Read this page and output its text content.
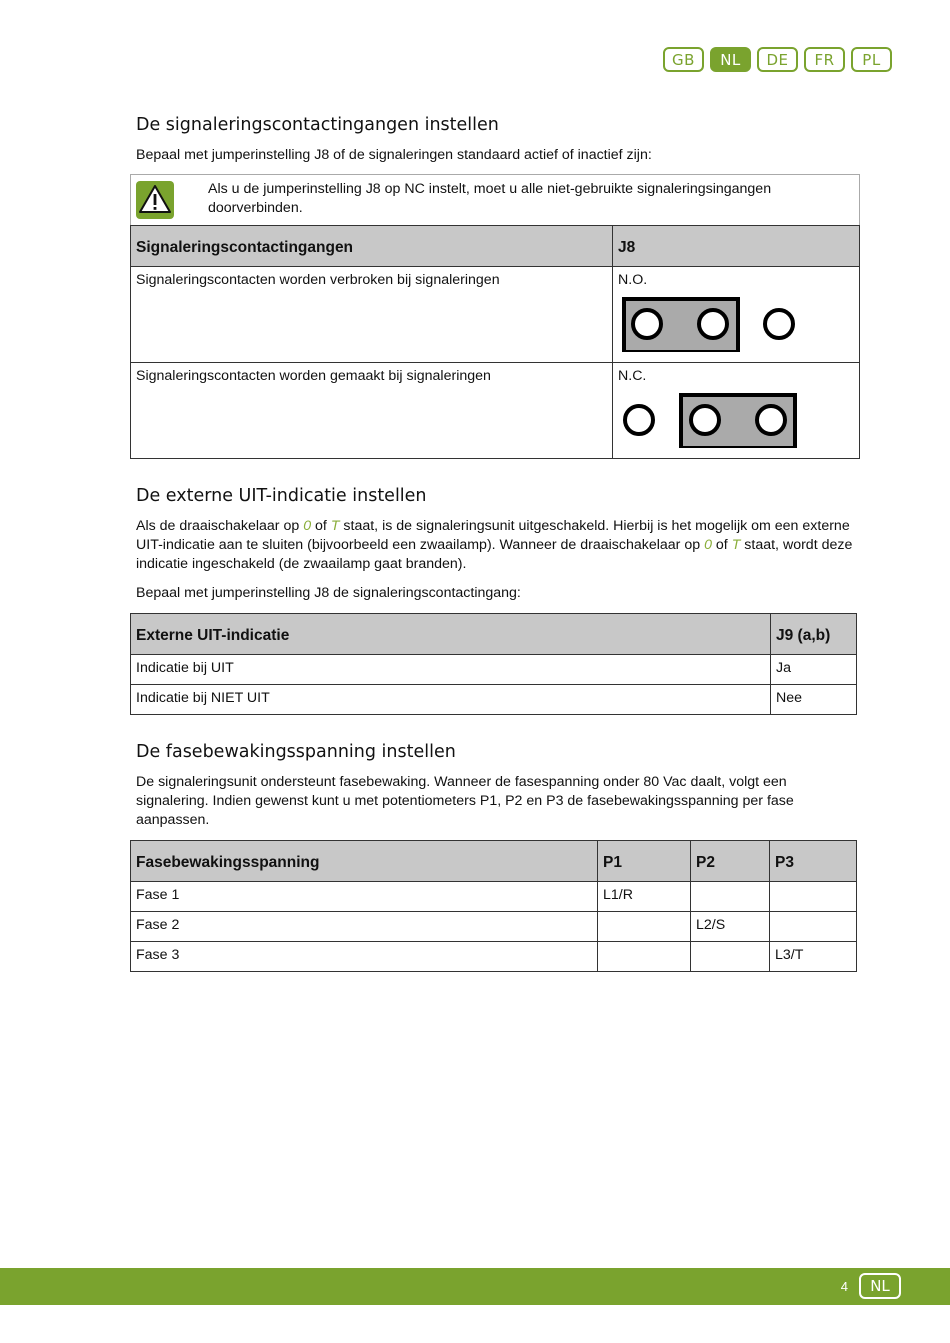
GB	NL	DE	FR	PL
De signaleringscontactingangen instellen

Bepaal met jumperinstelling J8 of de signaleringen standaard actief of inactief zijn:

Als u de jumperinstelling J8 op NC instelt, moet u alle niet-gebruikte signaleringsingangen doorverbinden.
Signaleringscontactingangen	J8
Signaleringscontacten worden verbroken bij signaleringen	N.O.

Signaleringscontacten worden gemaakt bij signaleringen	N.C.
De externe UIT-indicatie instellen

Als de draaischakelaar op 0 of T staat, is de signaleringsunit uitgeschakeld. Hierbij is het mogelijk om een externe UIT-indicatie aan te sluiten (bijvoorbeeld een zwaailamp). Wanneer de draaischakelaar op 0 of T staat, wordt deze indicatie ingeschakeld (de zwaailamp gaat branden).

Bepaal met jumperinstelling J8 de signaleringscontactingang:

Externe UIT-indicatie	J9 (a,b)
Indicatie bij UIT	Ja
Indicatie bij NIET UIT	Nee
De fasebewakingsspanning instellen

De signaleringsunit ondersteunt fasebewaking. Wanneer de fasespanning onder 80 Vac daalt, volgt een signalering. Indien gewenst kunt u met potentiometers P1, P2 en P3 de fasebewakingsspanning per fase aanpassen.

Fasebewakingsspanning	P1	P2	P3
Fase 1	L1/R		
Fase 2		L2/S	
Fase 3			L3/T
4	NL
